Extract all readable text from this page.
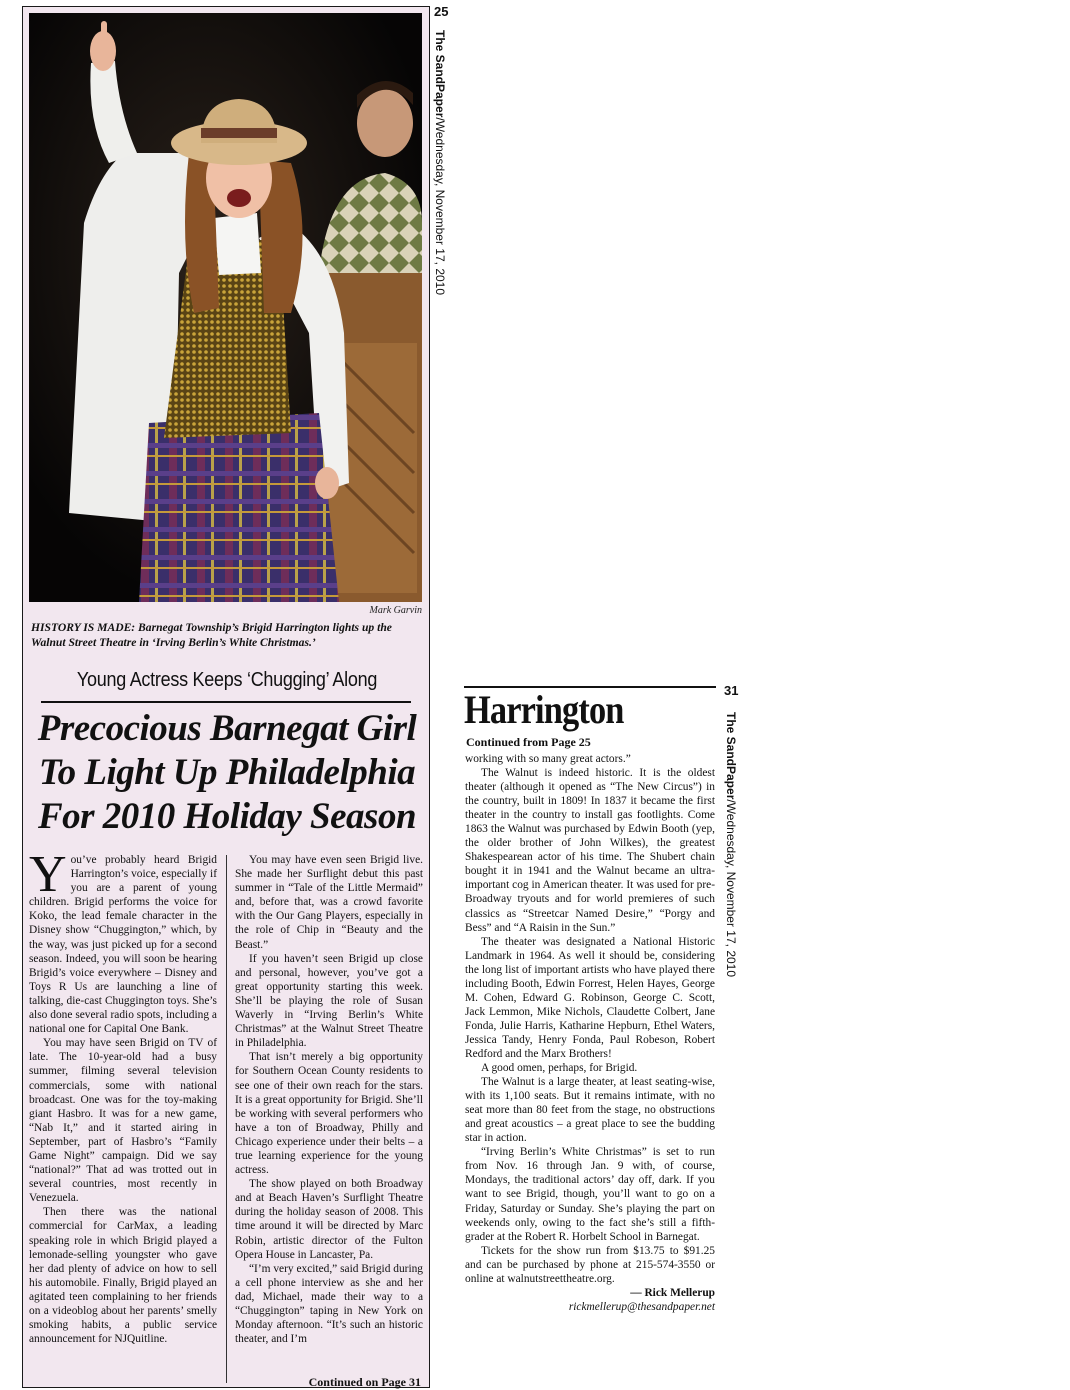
25
The SandPaper/Wednesday, November 17, 2010
Mark Garvin
HISTORY IS MADE: Barnegat Township’s Brigid Harrington lights up the Walnut Street Theatre in ‘Irving Berlin’s White Christmas.’
Young Actress Keeps ‘Chugging’ Along
Precocious Barnegat Girl To Light Up Philadelphia For 2010 Holiday Season

You’ve probably heard Brigid Harrington’s voice, especially if you are a parent of young children. Brigid performs the voice for Koko, the lead female character in the Disney show “Chuggington,” which, by the way, was just picked up for a second season. Indeed, you will soon be hearing Brigid’s voice everywhere – Disney and Toys R Us are launching a line of talking, die-cast Chuggington toys. She’s also done several radio spots, including a national one for Capital One Bank.

You may have seen Brigid on TV of late. The 10-year-old had a busy summer, filming several television commercials, some with national broadcast. One was for the toy-making giant Hasbro. It was for a new game, “Nab It,” and it started airing in September, part of Hasbro’s “Family Game Night” campaign. Did we say “national?” That ad was trotted out in several countries, most recently in Venezuela.

Then there was the national commercial for CarMax, a leading speaking role in which Brigid played a lemonade-selling youngster who gave her dad plenty of advice on how to sell his automobile. Finally, Brigid played an agitated teen complaining to her friends on a videoblog about her parents’ smelly smoking habits, a public service announcement for NJQuitline.

You may have even seen Brigid live. She made her Surflight debut this past summer in “Tale of the Little Mermaid” and, before that, was a crowd favorite with the Our Gang Players, especially in the role of Chip in “Beauty and the Beast.”

If you haven’t seen Brigid up close and personal, however, you’ve got a great opportunity starting this week. She’ll be playing the role of Susan Waverly in “Irving Berlin’s White Christmas” at the Walnut Street Theatre in Philadelphia.

That isn’t merely a big opportunity for Southern Ocean County residents to see one of their own reach for the stars. It is a great opportunity for Brigid. She’ll be working with several performers who have a ton of Broadway, Philly and Chicago experience under their belts – a true learning experience for the young actress.

The show played on both Broadway and at Beach Haven’s Surflight Theatre during the holiday season of 2008. This time around it will be directed by Marc Robin, artistic director of the Fulton Opera House in Lancaster, Pa.

“I’m very excited,” said Brigid during a cell phone interview as she and her dad, Michael, made their way to a “Chuggington” taping in New York on Monday afternoon. “It’s such an historic theater, and I’m

Continued on Page 31
31
The SandPaper/Wednesday, November 17, 2010
Harrington
Continued from Page 25
working with so many great actors.”

The Walnut is indeed historic. It is the oldest theater (although it opened as “The New Circus”) in the country, built in 1809! In 1837 it became the first theater in the country to install gas footlights. Come 1863 the Walnut was purchased by Edwin Booth (yep, the older brother of John Wilkes), the greatest Shakespearean actor of his time. The Shubert chain bought it in 1941 and the Walnut became an ultra-important cog in American theater. It was used for pre-Broadway tryouts and for world premieres of such classics as “Streetcar Named Desire,” “Porgy and Bess” and “A Raisin in the Sun.”

The theater was designated a National Historic Landmark in 1964. As well it should be, considering the long list of important artists who have played there including Booth, Edwin Forrest, Helen Hayes, George M. Cohen, Edward G. Robinson, George C. Scott, Jack Lemmon, Mike Nichols, Claudette Colbert, Jane Fonda, Julie Harris, Katharine Hepburn, Ethel Waters, Jessica Tandy, Henry Fonda, Paul Robeson, Robert Redford and the Marx Brothers!

A good omen, perhaps, for Brigid.

The Walnut is a large theater, at least seating-wise, with its 1,100 seats. But it remains intimate, with no seat more than 80 feet from the stage, no obstructions and great acoustics – a great place to see the budding star in action.

“Irving Berlin’s White Christmas” is set to run from Nov. 16 through Jan. 9 with, of course, Mondays, the traditional actors’ day off, dark. If you want to see Brigid, though, you’ll want to go on a Friday, Saturday or Sunday. She’s playing the part on weekends only, owing to the fact she’s still a fifth-grader at the Robert R. Horbelt School in Barnegat.

Tickets for the show run from $13.75 to $91.25 and can be purchased by phone at 215-574-3550 or online at walnutstreettheatre.org.

— Rick Mellerup
rickmellerup@thesandpaper.net
